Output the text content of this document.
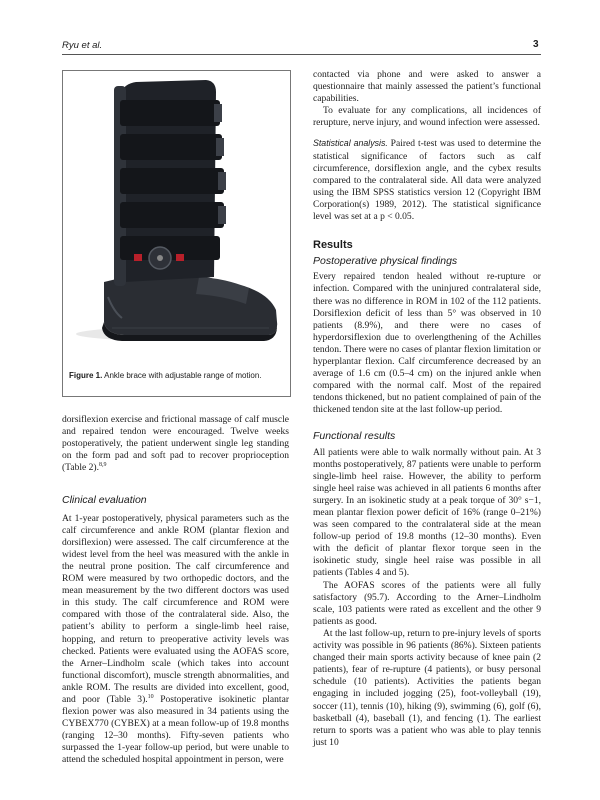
Ryu et al.	3
Figure 1. Ankle brace with adjustable range of motion.

dorsiflexion exercise and frictional massage of calf muscle and repaired tendon were encouraged. Twelve weeks postoperatively, the patient underwent single leg standing on the form pad and soft pad to recover proprioception (Table 2).$^{8,9}$

Clinical evaluation

At 1-year postoperatively, physical parameters such as the calf circumference and ankle ROM (plantar flexion and dorsiflexion) were assessed. The calf circumference at the widest level from the heel was measured with the ankle in the neutral prone position. The calf circumference and ROM were measured by two orthopedic doctors, and the mean measurement by the two different doctors was used in this study. The calf circumference and ROM were compared with those of the contralateral side. Also, the patient’s ability to perform a single-limb heel raise, hopping, and return to preoperative activity levels was checked. Patients were evaluated using the AOFAS score, the Arner–Lindholm scale (which takes into account functional discomfort), muscle strength abnormalities, and ankle ROM. The results are divided into excellent, good, and poor (Table 3).$^{10}$ Postoperative isokinetic plantar flexion power was also measured in 34 patients using the CYBEX770 (CYBEX) at a mean follow-up of 19.8 months (ranging 12–30 months). Fifty-seven patients who surpassed the 1-year follow-up period, but were unable to attend the scheduled hospital appointment in person, were

contacted via phone and were asked to answer a questionnaire that mainly assessed the patient’s functional capabilities.

To evaluate for any complications, all incidences of rerupture, nerve injury, and wound infection were assessed.

Statistical analysis. Paired t-test was used to determine the statistical significance of factors such as calf circumference, dorsiflexion angle, and the cybex results compared to the contralateral side. All data were analyzed using the IBM SPSS statistics version 12 (Copyright IBM Corporation(s) 1989, 2012). The statistical significance level was set at a p < 0.05.

Results

Postoperative physical findings

Every repaired tendon healed without re-rupture or infection. Compared with the uninjured contralateral side, there was no difference in ROM in 102 of the 112 patients. Dorsiflexion deficit of less than 5° was observed in 10 patients (8.9%), and there were no cases of hyperdorsiflexion due to overlengthening of the Achilles tendon. There were no cases of plantar flexion limitation or hyperplantar flexion. Calf circumference decreased by an average of 1.6 cm (0.5–4 cm) on the injured ankle when compared with the normal calf. Most of the repaired tendons thickened, but no patient complained of pain of the thickened tendon site at the last follow-up period.

Functional results

All patients were able to walk normally without pain. At 3 months postoperatively, 87 patients were unable to perform single-limb heel raise. However, the ability to perform single heel raise was achieved in all patients 6 months after surgery. In an isokinetic study at a peak torque of 30° s−1, mean plantar flexion power deficit of 16% (range 0–21%) was seen compared to the contralateral side at the mean follow-up period of 19.8 months (12–30 months). Even with the deficit of plantar flexor torque seen in the isokinetic study, single heel raise was possible in all patients (Tables 4 and 5).

The AOFAS scores of the patients were all fully satisfactory (95.7). According to the Arner–Lindholm scale, 103 patients were rated as excellent and the other 9 patients as good.

At the last follow-up, return to pre-injury levels of sports activity was possible in 96 patients (86%). Sixteen patients changed their main sports activity because of knee pain (2 patients), fear of re-rupture (4 patients), or busy personal schedule (10 patients). Activities the patients began engaging in included jogging (25), foot-volleyball (19), soccer (11), tennis (10), hiking (9), swimming (6), golf (6), basketball (4), baseball (1), and fencing (1). The earliest return to sports was a patient who was able to play tennis just 10
